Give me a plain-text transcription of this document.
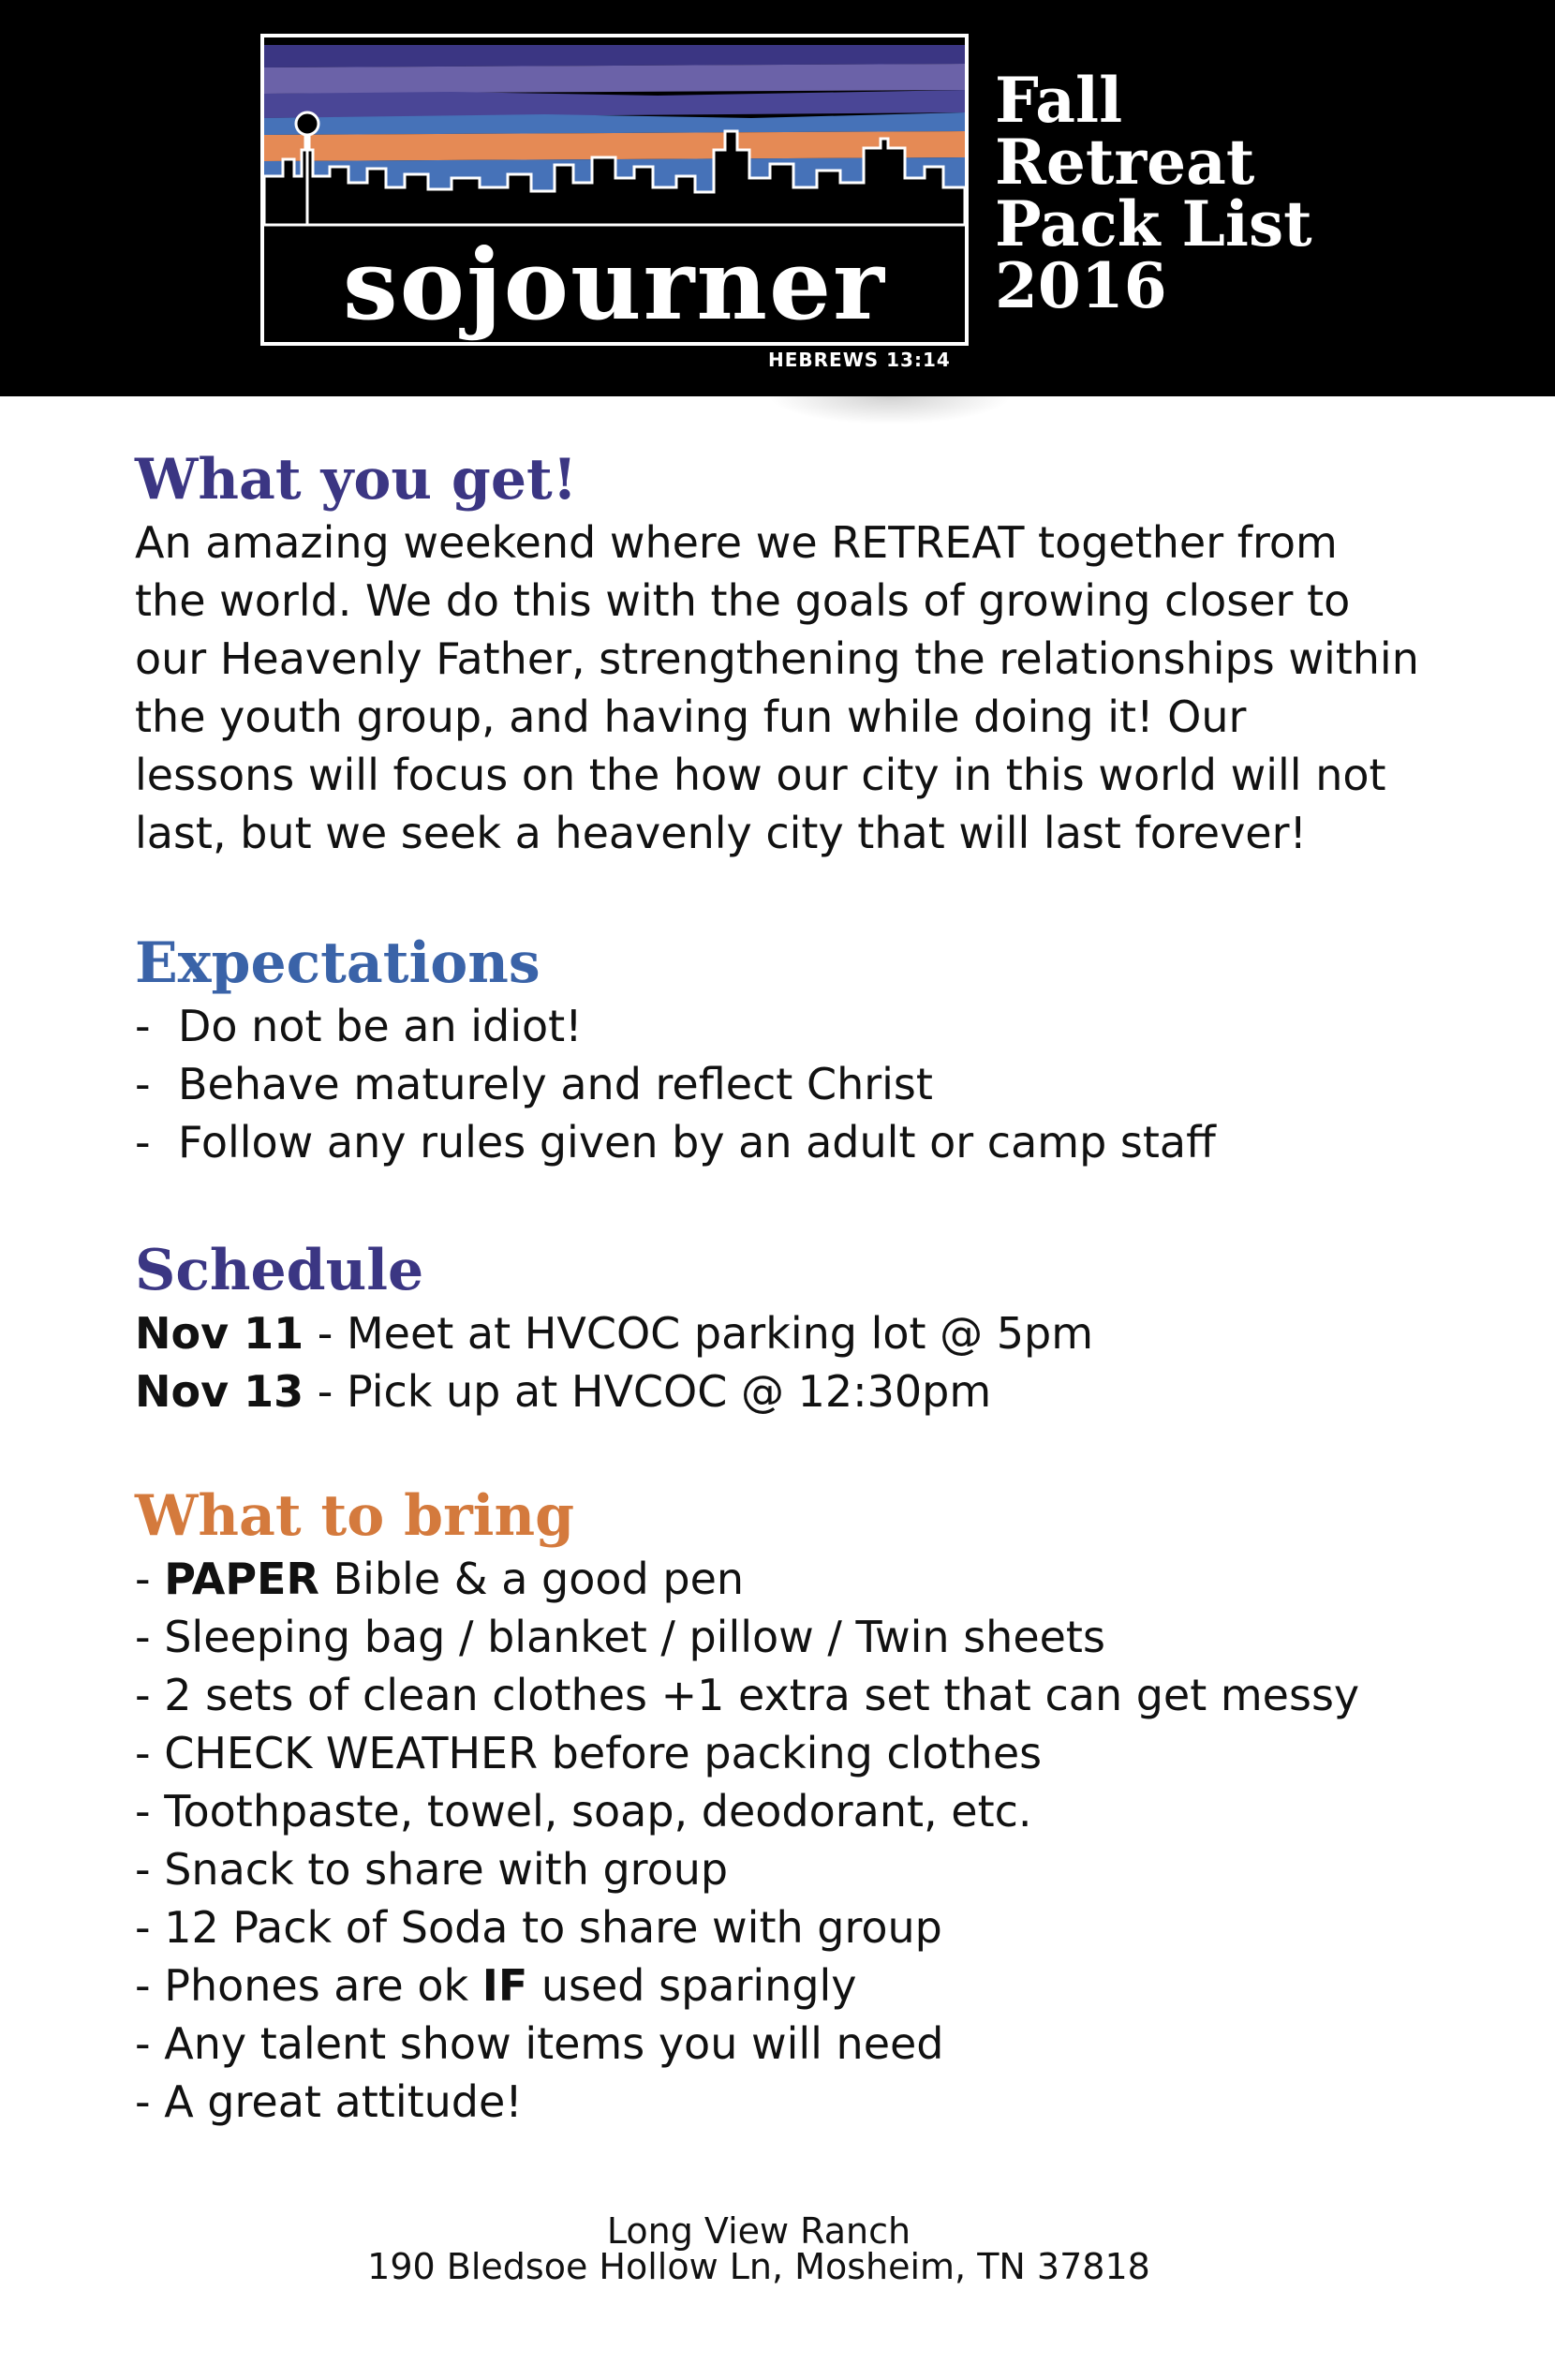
sojourner
HEBREWS 13:14
Fall
Retreat
Pack List
2016
What you get!
An amazing weekend where we RETREAT together from
the world. We do this with the goals of growing closer to
our Heavenly Father, strengthening the relationships within
the youth group, and having fun while doing it! Our
lessons will focus on the how our city in this world will not
last, but we seek a heavenly city that will last forever!
Expectations
- Do not be an idiot!
- Behave maturely and reflect Christ
- Follow any rules given by an adult or camp staff
Schedule
Nov 11 - Meet at HVCOC parking lot @ 5pm
Nov 13 - Pick up at HVCOC @ 12:30pm
What to bring
- PAPER Bible & a good pen
- Sleeping bag / blanket / pillow / Twin sheets
- 2 sets of clean clothes +1 extra set that can get messy
- CHECK WEATHER before packing clothes
- Toothpaste, towel, soap, deodorant, etc.
- Snack to share with group
- 12 Pack of Soda to share with group
- Phones are ok IF used sparingly
- Any talent show items you will need
- A great attitude!
Long View Ranch
190 Bledsoe Hollow Ln, Mosheim, TN 37818
